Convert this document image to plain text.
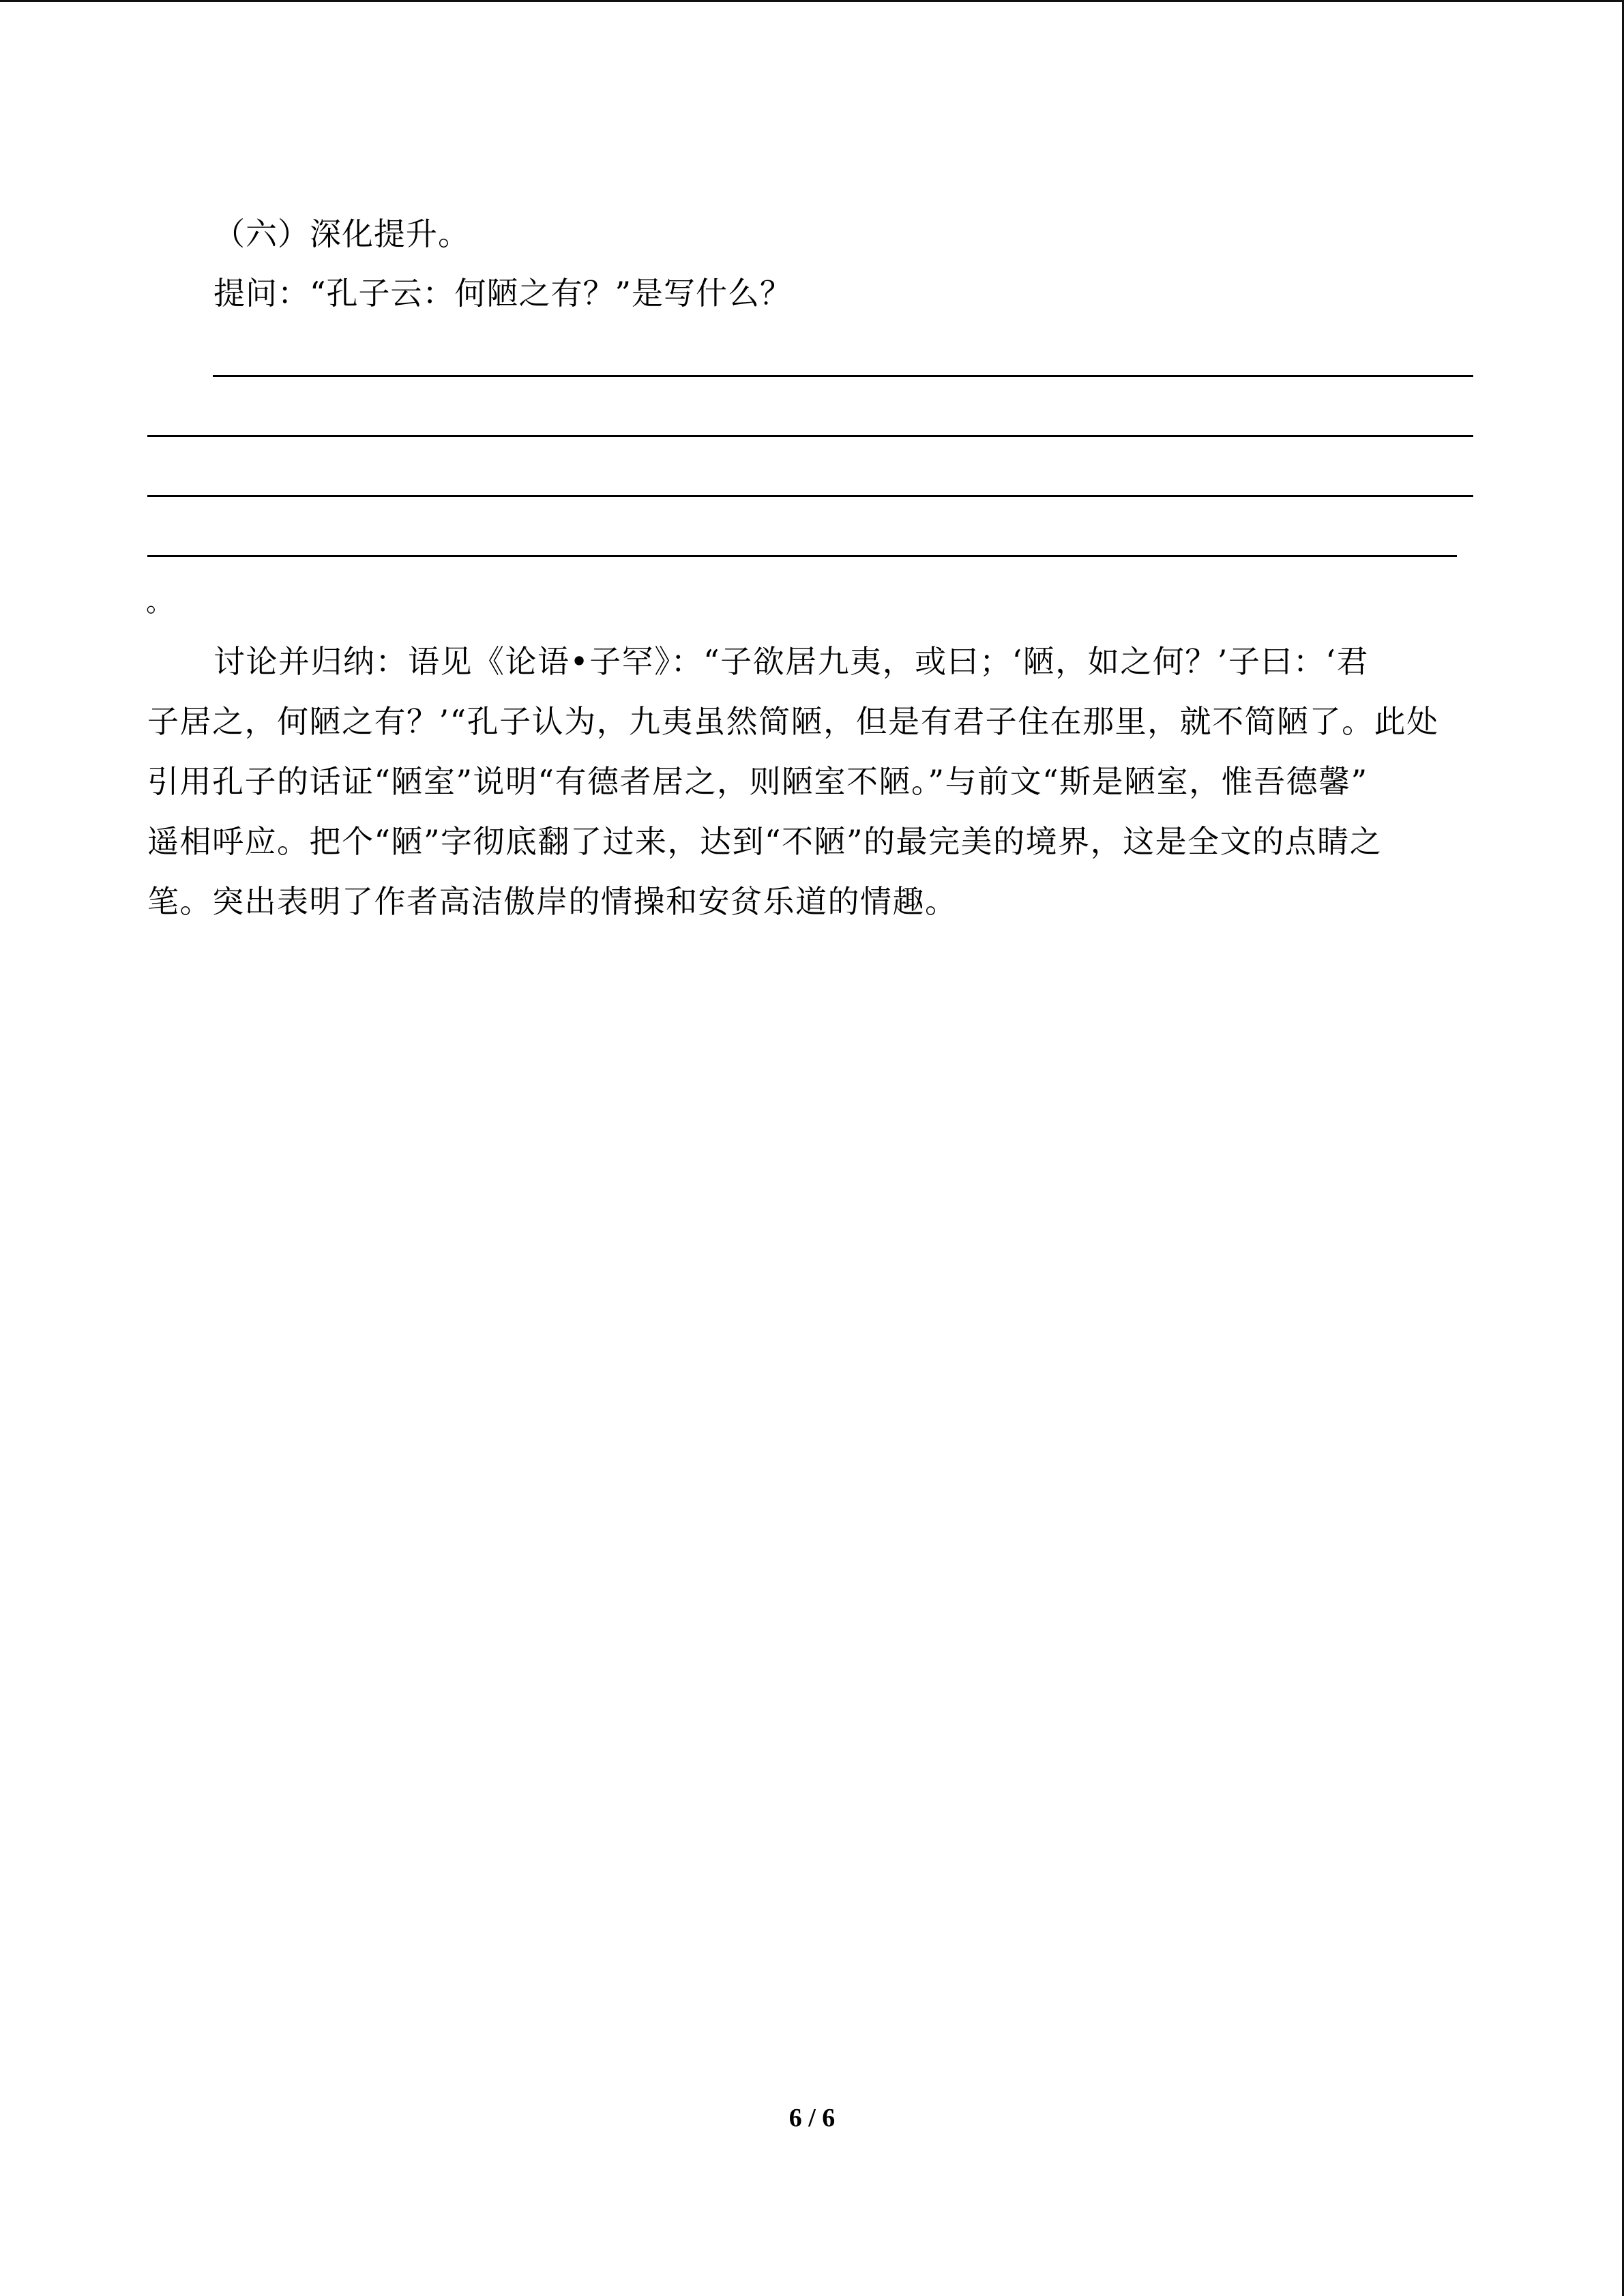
（六）深化提升。
提问：“孔子云：何陋之有？”是写什么？
。
讨论并归纳：语见《论语•子罕》：“子欲居九夷，或曰；‘陋，如之何？’子曰：‘君
子居之，何陋之有？’“孔子认为，九夷虽然简陋，但是有君子住在那里，就不简陋了。此处
引用孔子的话证“陋室”说明“有德者居之，则陋室不陋。”与前文“斯是陋室，惟吾德馨”
遥相呼应。把个“陋”字彻底翻了过来，达到“不陋”的最完美的境界，这是全文的点睛之
笔。突出表明了作者高洁傲岸的情操和安贫乐道的情趣。
6 / 6
